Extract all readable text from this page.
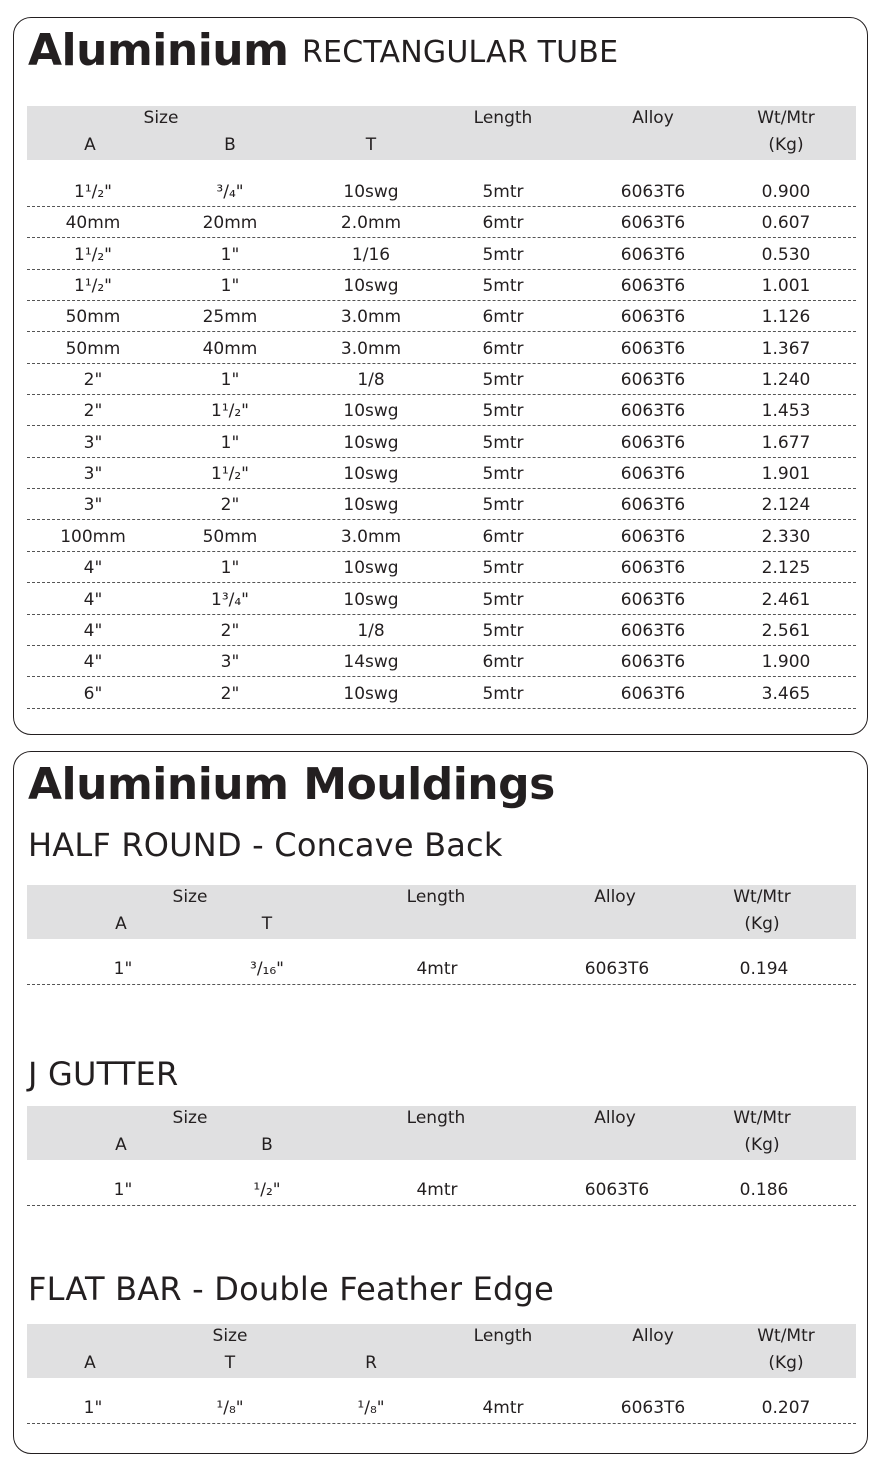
Aluminium RECTANGULAR TUBE
Size
A	B	T
Length	Alloy	Wt/Mtr
(Kg)
1¹/₂"	³/₄"	10swg	5mtr	6063T6	0.900
40mm	20mm	2.0mm	6mtr	6063T6	0.607
1¹/₂"	1"	1/16	5mtr	6063T6	0.530
1¹/₂"	1"	10swg	5mtr	6063T6	1.001
50mm	25mm	3.0mm	6mtr	6063T6	1.126
50mm	40mm	3.0mm	6mtr	6063T6	1.367
2"	1"	1/8	5mtr	6063T6	1.240
2"	1¹/₂"	10swg	5mtr	6063T6	1.453
3"	1"	10swg	5mtr	6063T6	1.677
3"	1¹/₂"	10swg	5mtr	6063T6	1.901
3"	2"	10swg	5mtr	6063T6	2.124
100mm	50mm	3.0mm	6mtr	6063T6	2.330
4"	1"	10swg	5mtr	6063T6	2.125
4"	1³/₄"	10swg	5mtr	6063T6	2.461
4"	2"	1/8	5mtr	6063T6	2.561
4"	3"	14swg	6mtr	6063T6	1.900
6"	2"	10swg	5mtr	6063T6	3.465
Aluminium Mouldings
HALF ROUND - Concave Back
Size
A	T
Length	Alloy	Wt/Mtr
(Kg)
1"	³/₁₆"	4mtr	6063T6	0.194
J GUTTER
Size
A	B
Length	Alloy	Wt/Mtr
(Kg)
1"	¹/₂"	4mtr	6063T6	0.186
FLAT BAR - Double Feather Edge
Size
A	T	R
Length	Alloy	Wt/Mtr
(Kg)
1"	¹/₈"	¹/₈"	4mtr	6063T6	0.207
